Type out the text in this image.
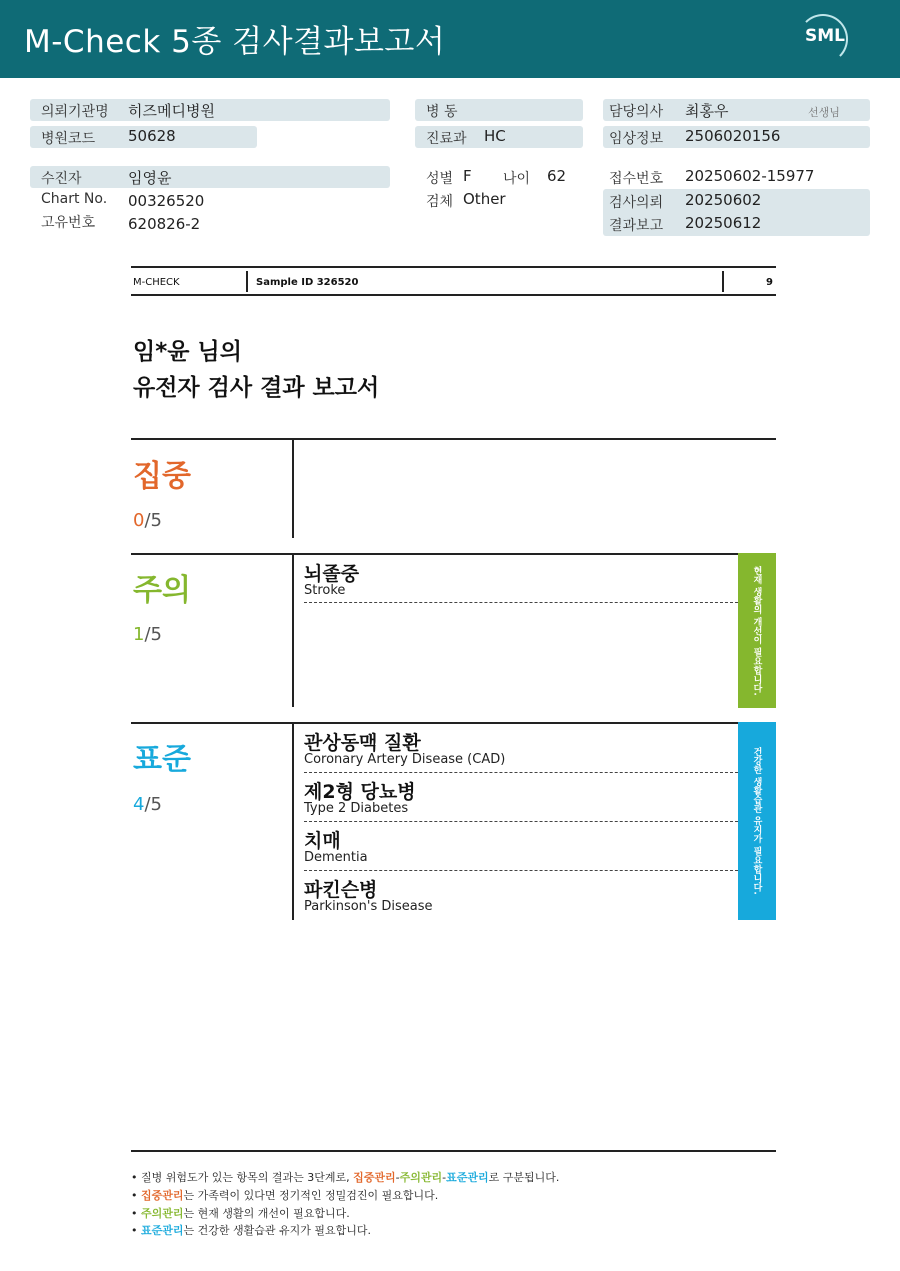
M-Check 5종 검사결과보고서	SML
의뢰기관명 히즈메디병원
병원코드 50628
병 동
진료과 HC
담당의사 최홍우	선생님
임상정보 2506020156
수진자	임영윤
Chart No. 00326520
고유번호 620826-2
성별 F 나이 62
검체 Other
접수번호 20250602-15977
검사의뢰 20250602
결과보고 20250612
M-CHECK	Sample ID 326520	9
임*윤 님의
유전자 검사 결과 보고서
집중
0/5
주의
1/5
뇌졸중
Stroke	현재 생활의 개선이 필요합니다.
표준
4/5
관상동맥 질환
Coronary Artery Disease (CAD)
제2형 당뇨병
Type 2 Diabetes
치매
Dementia
파킨슨병
Parkinson's Disease
건강한 생활습관 유지가 필요합니다.
• 질병 위험도가 있는 항목의 결과는 3단계로, 집중관리-주의관리-표준관리로 구분됩니다.
• 집중관리는 가족력이 있다면 정기적인 정밀검진이 필요합니다.
• 주의관리는 현재 생활의 개선이 필요합니다.
• 표준관리는 건강한 생활습관 유지가 필요합니다.
